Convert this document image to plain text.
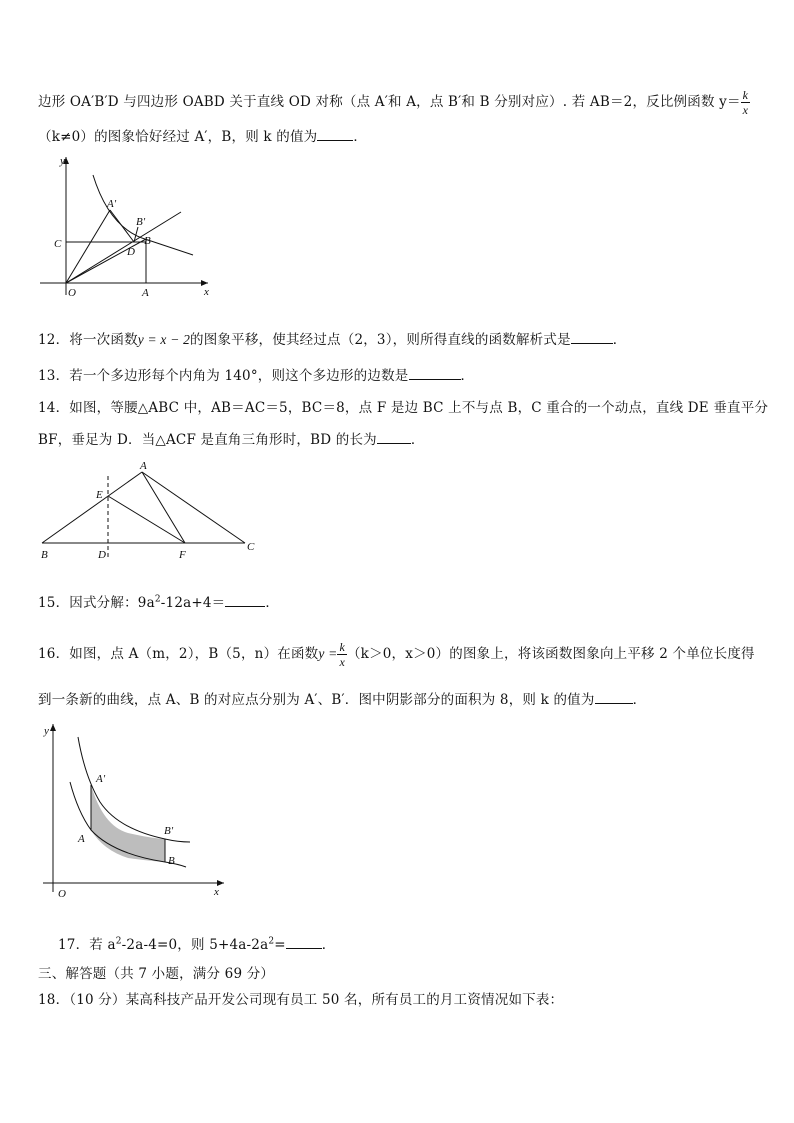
边形 OA′B′D 与四边形 OABD 关于直线 OD 对称（点 A′和 A，点 B′和 B 分别对应）. 若 AB＝2，反比例函数 $y= \frac{k}{x}$
（k≠0）的图象恰好经过 A′，B，则 k 的值为	．
y
x
O	A
C
D
B
A′
B′
12．将一次函数y = x − 2的图象平移，使其经过点（2，3），则所得直线的函数解析式是	．
13．若一个多边形每个内角为 140°，则这个多边形的边数是	．
14．如图，等腰△ABC 中，AB＝AC＝5，BC＝8，点 F 是边 BC 上不与点 B，C 重合的一个动点，直线 DE 垂直平分
BF，垂足为 D．当△ACF 是直角三角形时，BD 的长为	．
A
E
B	D	F
C
15．因式分解：$9a^2-12a+4=$	．
16．如图，点 A（m，2），B（5，n）在函数$y = \frac{k}{x} (k>0$，x＞0）的图象上，将该函数图象向上平移 2 个单位长度得
到一条新的曲线，点 A、B 的对应点分别为 A′、B′．图中阴影部分的面积为 8，则 k 的值为	．
y
x
O
A′
A
B′
B
17．若 $a^2-2a-4=0$，则 $5+4a-2a^2=$	．
三、解答题（共 7 小题，满分 69 分）
18．（10 分）某高科技产品开发公司现有员工 50 名，所有员工的月工资情况如下表：
